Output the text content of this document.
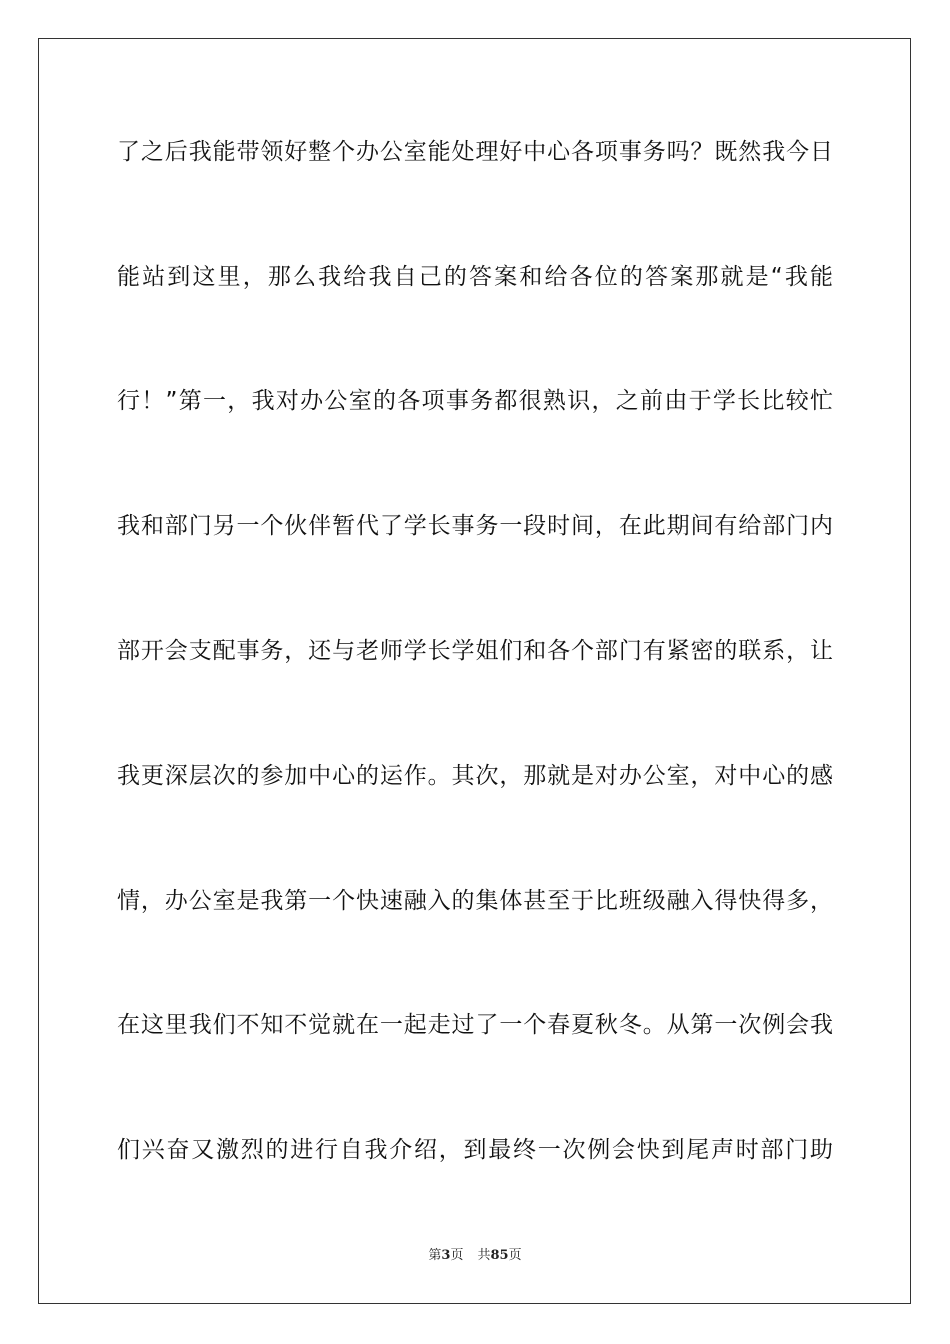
了之后我能带领好整个办公室能处理好中心各项事务吗？既然我今日
能站到这里，那么我给我自己的答案和给各位的答案那就是“我能
行！”第一，我对办公室的各项事务都很熟识，之前由于学长比较忙
我和部门另一个伙伴暂代了学长事务一段时间，在此期间有给部门内
部开会支配事务，还与老师学长学姐们和各个部门有紧密的联系，让
我更深层次的参加中心的运作。其次，那就是对办公室，对中心的感
情，办公室是我第一个快速融入的集体甚至于比班级融入得快得多，
在这里我们不知不觉就在一起走过了一个春夏秋冬。从第一次例会我
们兴奋又激烈的进行自我介绍，到最终一次例会快到尾声时部门助
第3页 共85页
